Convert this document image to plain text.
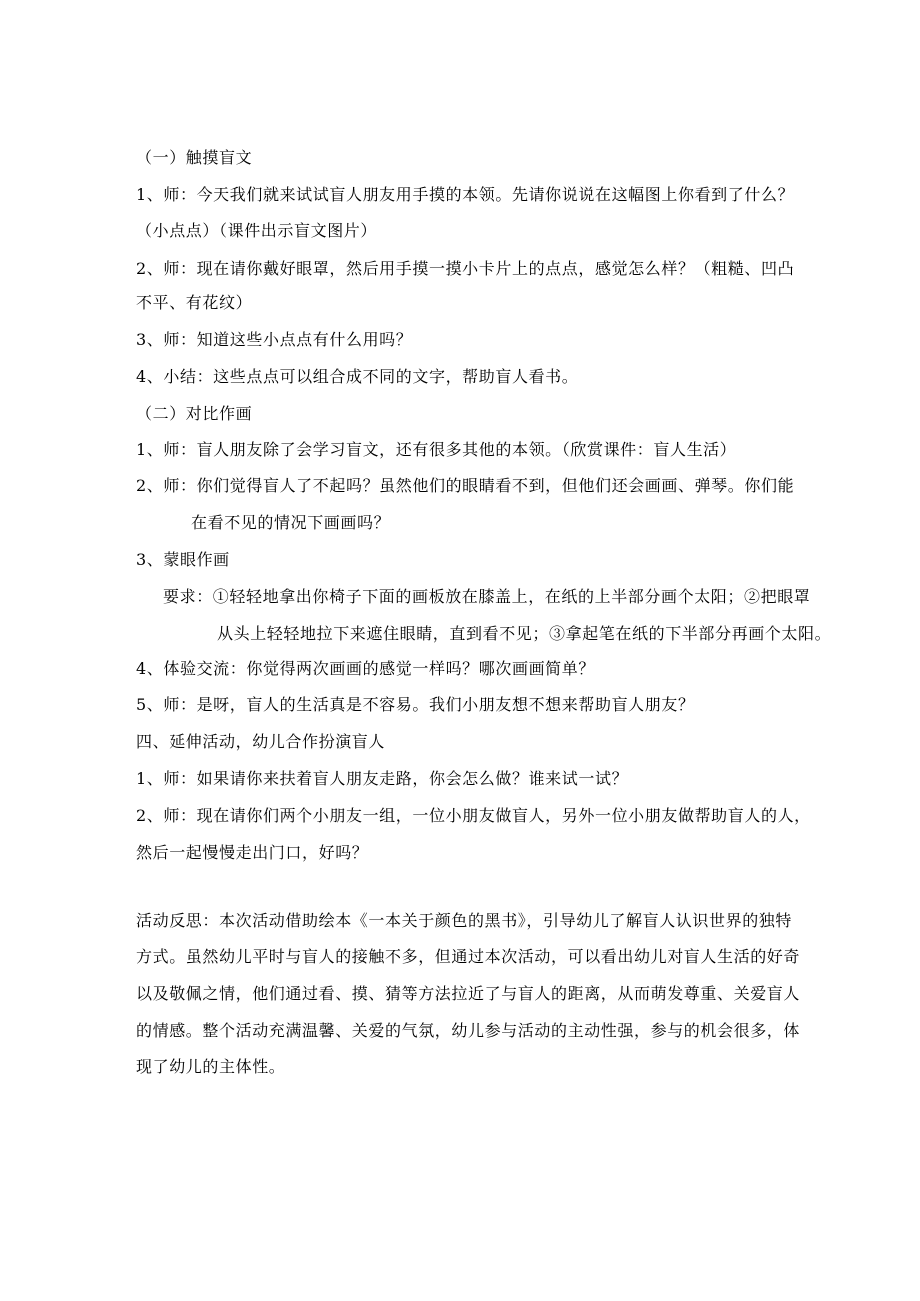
（一）触摸盲文
1、师：今天我们就来试试盲人朋友用手摸的本领。先请你说说在这幅图上你看到了什么？
（小点点）（课件出示盲文图片）
2、师：现在请你戴好眼罩，然后用手摸一摸小卡片上的点点，感觉怎么样？（粗糙、凹凸
不平、有花纹）
3、师：知道这些小点点有什么用吗？
4、小结：这些点点可以组合成不同的文字，帮助盲人看书。
（二）对比作画
1、师：盲人朋友除了会学习盲文，还有很多其他的本领。（欣赏课件：盲人生活）
2、师：你们觉得盲人了不起吗？虽然他们的眼睛看不到，但他们还会画画、弹琴。你们能
在看不见的情况下画画吗？
3、蒙眼作画
要求：①轻轻地拿出你椅子下面的画板放在膝盖上，在纸的上半部分画个太阳；②把眼罩
从头上轻轻地拉下来遮住眼睛，直到看不见；③拿起笔在纸的下半部分再画个太阳。
4、体验交流：你觉得两次画画的感觉一样吗？哪次画画简单？
5、师：是呀，盲人的生活真是不容易。我们小朋友想不想来帮助盲人朋友？
四、延伸活动，幼儿合作扮演盲人
1、师：如果请你来扶着盲人朋友走路，你会怎么做？谁来试一试？
2、师：现在请你们两个小朋友一组，一位小朋友做盲人，另外一位小朋友做帮助盲人的人，
然后一起慢慢走出门口，好吗？
活动反思：本次活动借助绘本《一本关于颜色的黑书》，引导幼儿了解盲人认识世界的独特
方式。虽然幼儿平时与盲人的接触不多，但通过本次活动，可以看出幼儿对盲人生活的好奇
以及敬佩之情，他们通过看、摸、猜等方法拉近了与盲人的距离，从而萌发尊重、关爱盲人
的情感。整个活动充满温馨、关爱的气氛，幼儿参与活动的主动性强，参与的机会很多，体
现了幼儿的主体性。
